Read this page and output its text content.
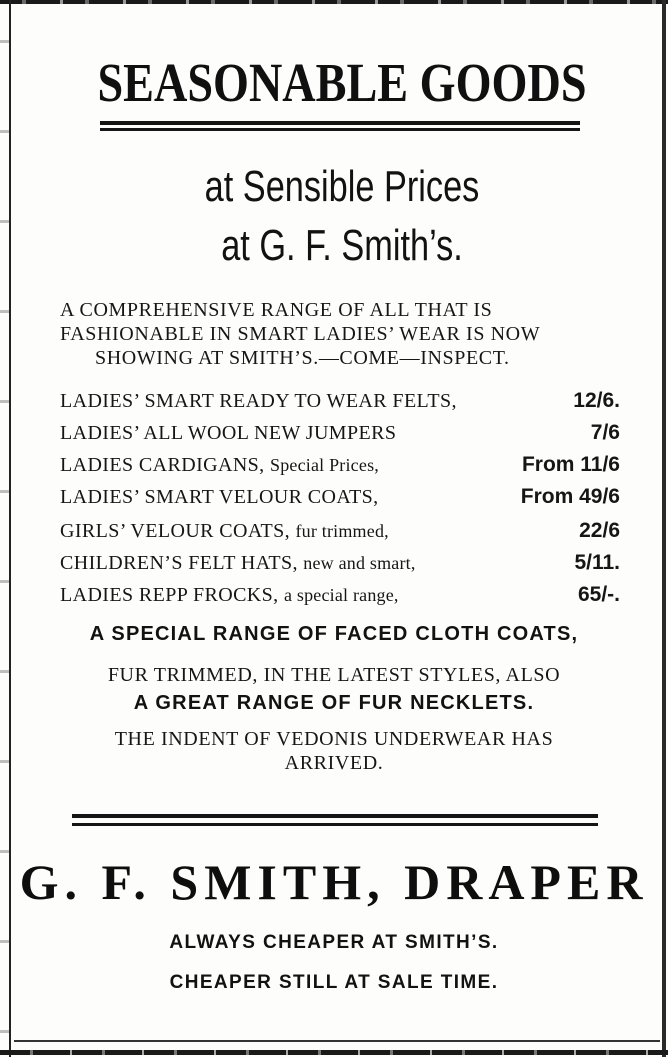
SEASONABLE GOODS
at Sensible Prices
at G. F. Smith’s.
A COMPREHENSIVE RANGE OF ALL THAT IS
FASHIONABLE IN SMART LADIES’ WEAR IS NOW
SHOWING AT SMITH’S.—COME—INSPECT.
LADIES’ SMART READY TO WEAR FELTS,	12/6.
LADIES’ ALL WOOL NEW JUMPERS	7/6
LADIES CARDIGANS, Special Prices,	From 11/6
LADIES’ SMART VELOUR COATS,	From 49/6
GIRLS’ VELOUR COATS, fur trimmed,	22/6
CHILDREN’S FELT HATS, new and smart,	5/11.
LADIES REPP FROCKS, a special range,	65/-.
A SPECIAL RANGE OF FACED CLOTH COATS,
FUR TRIMMED, IN THE LATEST STYLES, ALSO
A GREAT RANGE OF FUR NECKLETS.
THE INDENT OF VEDONIS UNDERWEAR HAS
ARRIVED.
G. F. SMITH, DRAPER
ALWAYS CHEAPER AT SMITH’S.
CHEAPER STILL AT SALE TIME.
